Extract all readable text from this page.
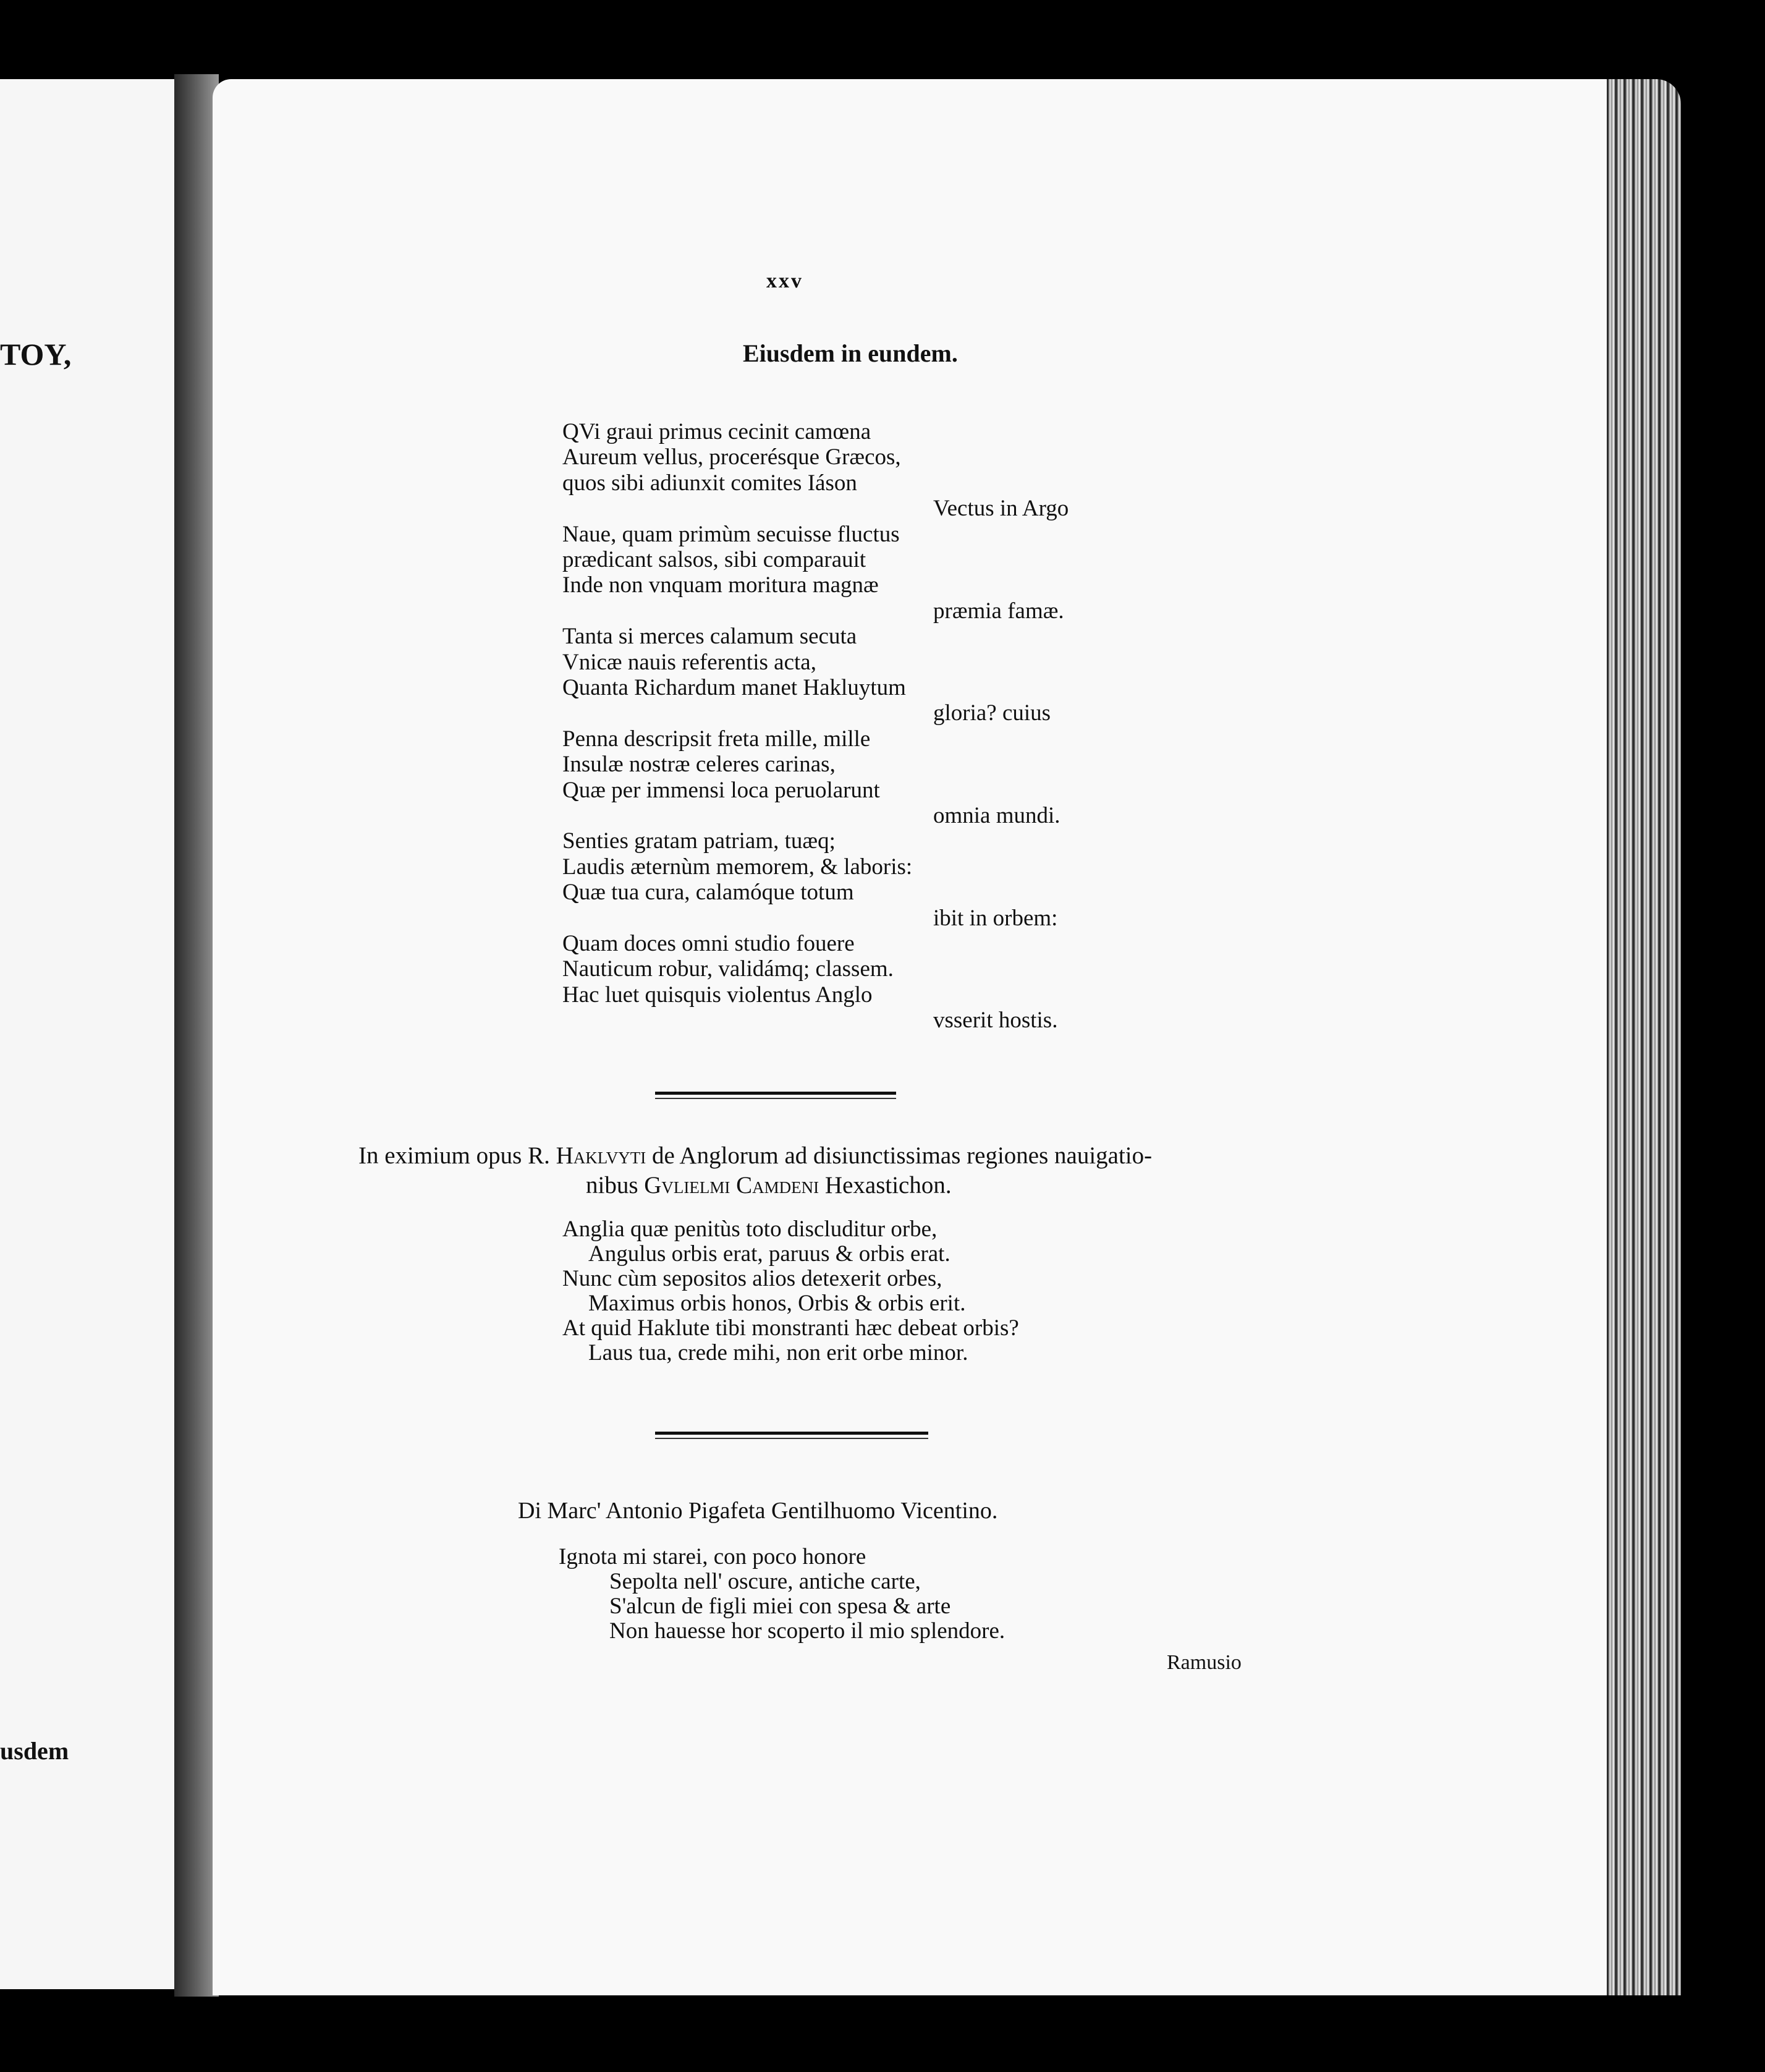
TOY,
usdem
xxv
Eiusdem in eundem.
QVi graui primus cecinit camœna
Aureum vellus, procerésque Græcos,
quos sibi adiunxit comites Iáson
Vectus in Argo
Naue, quam primùm secuisse fluctus
prædicant salsos, sibi comparauit
Inde non vnquam moritura magnæ
præmia famæ.
Tanta si merces calamum secuta
Vnicæ nauis referentis acta,
Quanta Richardum manet Hakluytum
gloria? cuius
Penna descripsit freta mille, mille
Insulæ nostræ celeres carinas,
Quæ per immensi loca peruolarunt
omnia mundi.
Senties gratam patriam, tuæq;
Laudis æternùm memorem, & laboris:
Quæ tua cura, calamóque totum
ibit in orbem:
Quam doces omni studio fouere
Nauticum robur, validámq; classem.
Hac luet quisquis violentus Anglo
vsserit hostis.
In eximium opus R. Haklvyti de Anglorum ad disiunctissimas regiones nauigatio-
nibus Gvlielmi Camdeni Hexastichon.
Anglia quæ penitùs toto discluditur orbe,
Angulus orbis erat, paruus & orbis erat.
Nunc cùm sepositos alios detexerit orbes,
Maximus orbis honos, Orbis & orbis erit.
At quid Haklute tibi monstranti hæc debeat orbis?
Laus tua, crede mihi, non erit orbe minor.
Di Marc' Antonio Pigafeta Gentilhuomo Vicentino.
Ignota mi starei, con poco honore
Sepolta nell' oscure, antiche carte,
S'alcun de figli miei con spesa & arte
Non hauesse hor scoperto il mio splendore.
Ramusio
